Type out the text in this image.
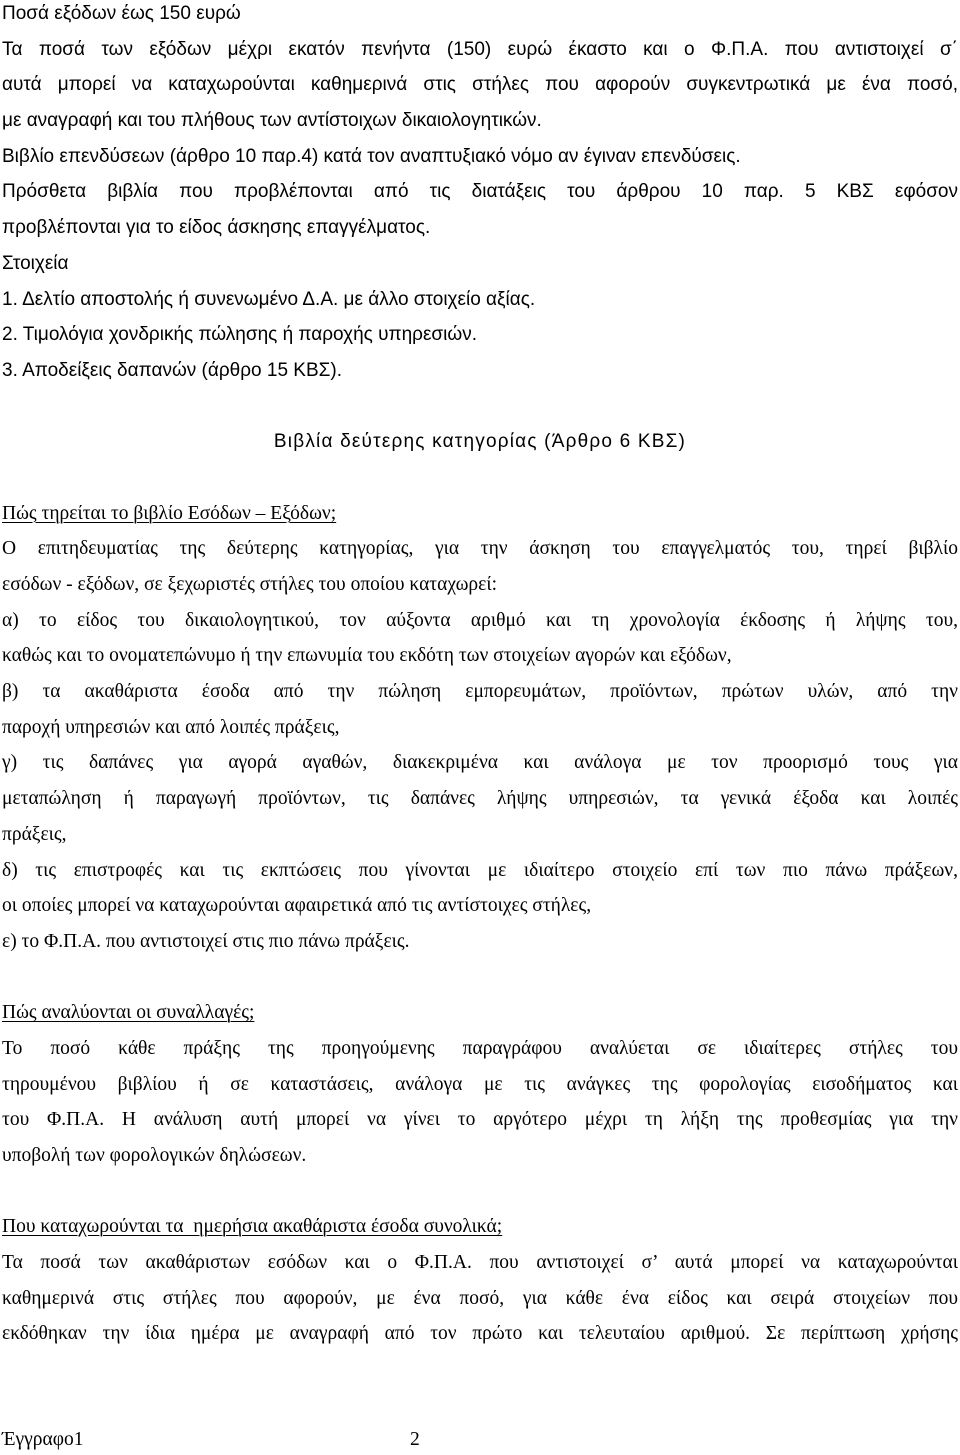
Ποσά εξόδων έως 150 ευρώ
Τα ποσά των εξόδων μέχρι εκατόν πενήντα (150) ευρώ έκαστο και ο Φ.Π.Α. που αντιστοιχεί σ΄
αυτά μπορεί να καταχωρούνται καθημερινά στις στήλες που αφορούν συγκεντρωτικά με ένα ποσό,
με αναγραφή και του πλήθους των αντίστοιχων δικαιολογητικών.
Βιβλίο επενδύσεων (άρθρο 10 παρ.4) κατά τον αναπτυξιακό νόμο αν έγιναν επενδύσεις.
Πρόσθετα βιβλία που προβλέπονται από τις διατάξεις του άρθρου 10 παρ. 5 ΚΒΣ εφόσον
προβλέπονται για το είδος άσκησης επαγγέλματος.
Στοιχεία
1. Δελτίο αποστολής ή συνενωμένο Δ.Α. με άλλο στοιχείο αξίας.
2. Τιμολόγια χονδρικής πώλησης ή παροχής υπηρεσιών.
3. Αποδείξεις δαπανών (άρθρο 15 ΚΒΣ).
Βιβλία δεύτερης κατηγορίας (Άρθρο 6 ΚΒΣ)
Πώς τηρείται το βιβλίο Εσόδων – Εξόδων;
Ο επιτηδευματίας της δεύτερης κατηγορίας, για την άσκηση του επαγγελματός του, τηρεί βιβλίο
εσόδων - εξόδων, σε ξεχωριστές στήλες του οποίου καταχωρεί:
α) το είδος του δικαιολογητικού, τον αύξοντα αριθμό και τη χρονολογία έκδοσης ή λήψης του,
καθώς και το ονοματεπώνυμο ή την επωνυμία του εκδότη των στοιχείων αγορών και εξόδων,
β) τα ακαθάριστα έσοδα από την πώληση εμπορευμάτων, προϊόντων, πρώτων υλών, από την
παροχή υπηρεσιών και από λοιπές πράξεις,
γ) τις δαπάνες για αγορά αγαθών, διακεκριμένα και ανάλογα με τον προορισμό τους για
μεταπώληση ή παραγωγή προϊόντων, τις δαπάνες λήψης υπηρεσιών, τα γενικά έξοδα και λοιπές
πράξεις,
δ) τις επιστροφές και τις εκπτώσεις που γίνονται με ιδιαίτερο στοιχείο επί των πιο πάνω πράξεων,
οι οποίες μπορεί να καταχωρούνται αφαιρετικά από τις αντίστοιχες στήλες,
ε) το Φ.Π.Α. που αντιστοιχεί στις πιο πάνω πράξεις.
Πώς αναλύονται οι συναλλαγές;
Το ποσό κάθε πράξης της προηγούμενης παραγράφου αναλύεται σε ιδιαίτερες στήλες του
τηρουμένου βιβλίου ή σε καταστάσεις, ανάλογα με τις ανάγκες της φορολογίας εισοδήματος και
του Φ.Π.Α. Η ανάλυση αυτή μπορεί να γίνει το αργότερο μέχρι τη λήξη της προθεσμίας για την
υποβολή των φορολογικών δηλώσεων.
Που καταχωρούνται τα  ημερήσια ακαθάριστα έσοδα συνολικά;
Τα ποσά των ακαθάριστων εσόδων και ο Φ.Π.Α. που αντιστοιχεί σ’ αυτά μπορεί να καταχωρούνται
καθημερινά στις στήλες που αφορούν, με ένα ποσό, για κάθε ένα είδος και σειρά στοιχείων που
εκδόθηκαν την ίδια ημέρα με αναγραφή από τον πρώτο και τελευταίου αριθμού. Σε περίπτωση χρήσης
Έγγραφο1	2
